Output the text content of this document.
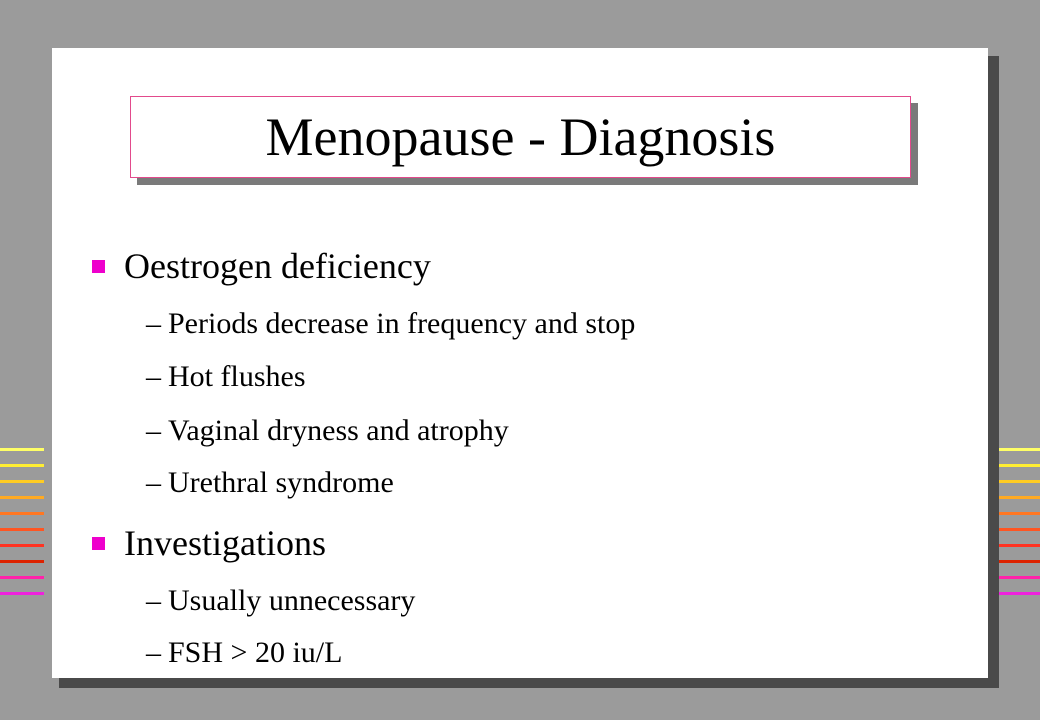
Menopause - Diagnosis
Oestrogen deficiency
– Periods decrease in frequency and stop
– Hot flushes
– Vaginal dryness and atrophy
– Urethral syndrome
Investigations
– Usually unnecessary
– FSH > 20 iu/L
